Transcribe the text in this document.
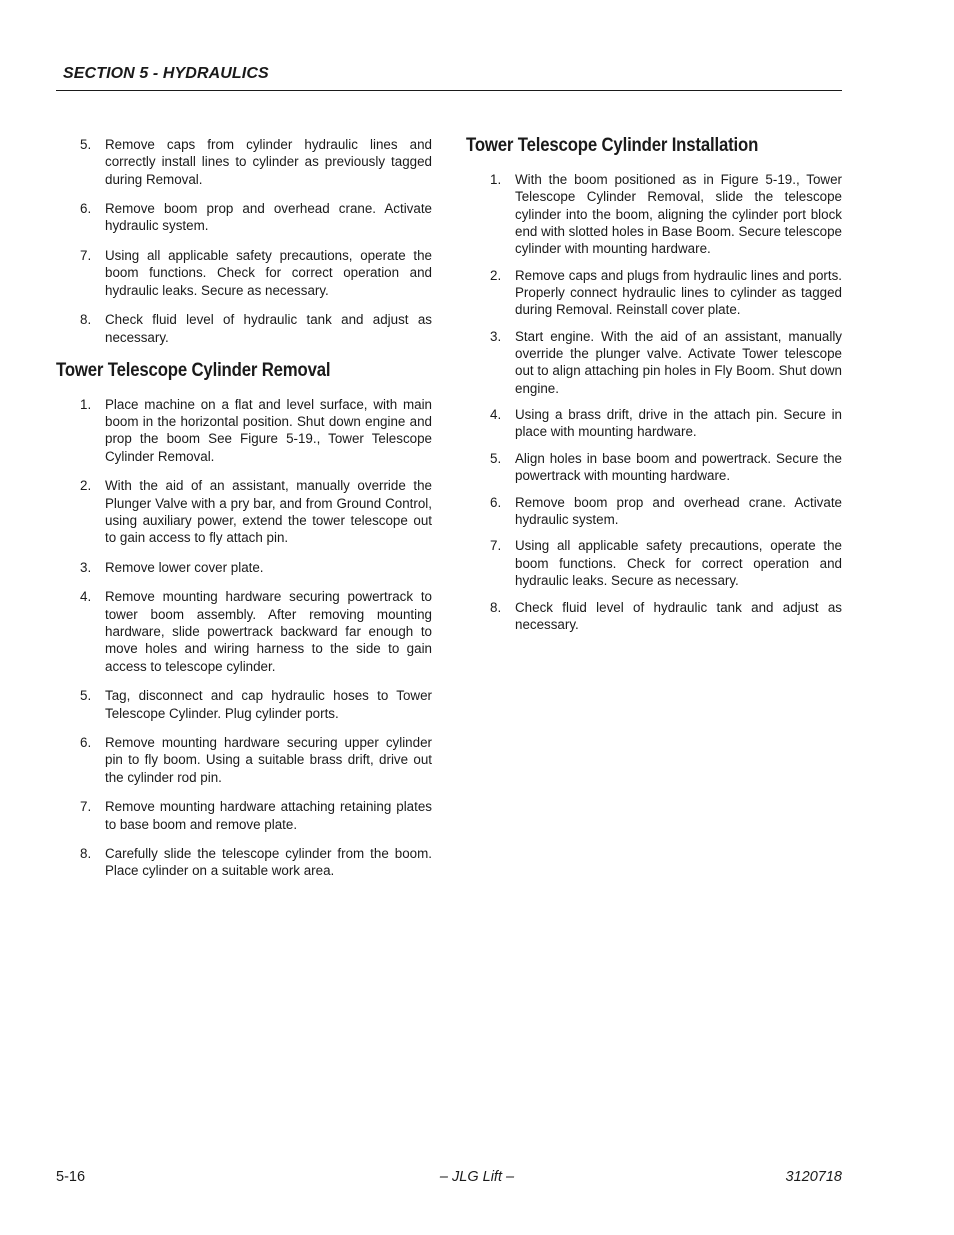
SECTION 5 - HYDRAULICS
5. Remove caps from cylinder hydraulic lines and correctly install lines to cylinder as previously tagged during Removal.
6. Remove boom prop and overhead crane. Activate hydraulic system.
7. Using all applicable safety precautions, operate the boom functions. Check for correct operation and hydraulic leaks. Secure as necessary.
8. Check fluid level of hydraulic tank and adjust as necessary.
Tower Telescope Cylinder Removal
1. Place machine on a flat and level surface, with main boom in the horizontal position. Shut down engine and prop the boom See Figure 5-19., Tower Telescope Cylinder Removal.
2. With the aid of an assistant, manually override the Plunger Valve with a pry bar, and from Ground Control, using auxiliary power, extend the tower telescope out to gain access to fly attach pin.
3. Remove lower cover plate.
4. Remove mounting hardware securing powertrack to tower boom assembly. After removing mounting hardware, slide powertrack backward far enough to move holes and wiring harness to the side to gain access to telescope cylinder.
5. Tag, disconnect and cap hydraulic hoses to Tower Telescope Cylinder. Plug cylinder ports.
6. Remove mounting hardware securing upper cylinder pin to fly boom. Using a suitable brass drift, drive out the cylinder rod pin.
7. Remove mounting hardware attaching retaining plates to base boom and remove plate.
8. Carefully slide the telescope cylinder from the boom. Place cylinder on a suitable work area.
Tower Telescope Cylinder Installation
1. With the boom positioned as in Figure 5-19., Tower Telescope Cylinder Removal, slide the telescope cylinder into the boom, aligning the cylinder port block end with slotted holes in Base Boom. Secure telescope cylinder with mounting hardware.
2. Remove caps and plugs from hydraulic lines and ports. Properly connect hydraulic lines to cylinder as tagged during Removal. Reinstall cover plate.
3. Start engine. With the aid of an assistant, manually override the plunger valve. Activate Tower telescope out to align attaching pin holes in Fly Boom. Shut down engine.
4. Using a brass drift, drive in the attach pin. Secure in place with mounting hardware.
5. Align holes in base boom and powertrack. Secure the powertrack with mounting hardware.
6. Remove boom prop and overhead crane. Activate hydraulic system.
7. Using all applicable safety precautions, operate the boom functions. Check for correct operation and hydraulic leaks. Secure as necessary.
8. Check fluid level of hydraulic tank and adjust as necessary.
– JLG Lift –
5-16	3120718
